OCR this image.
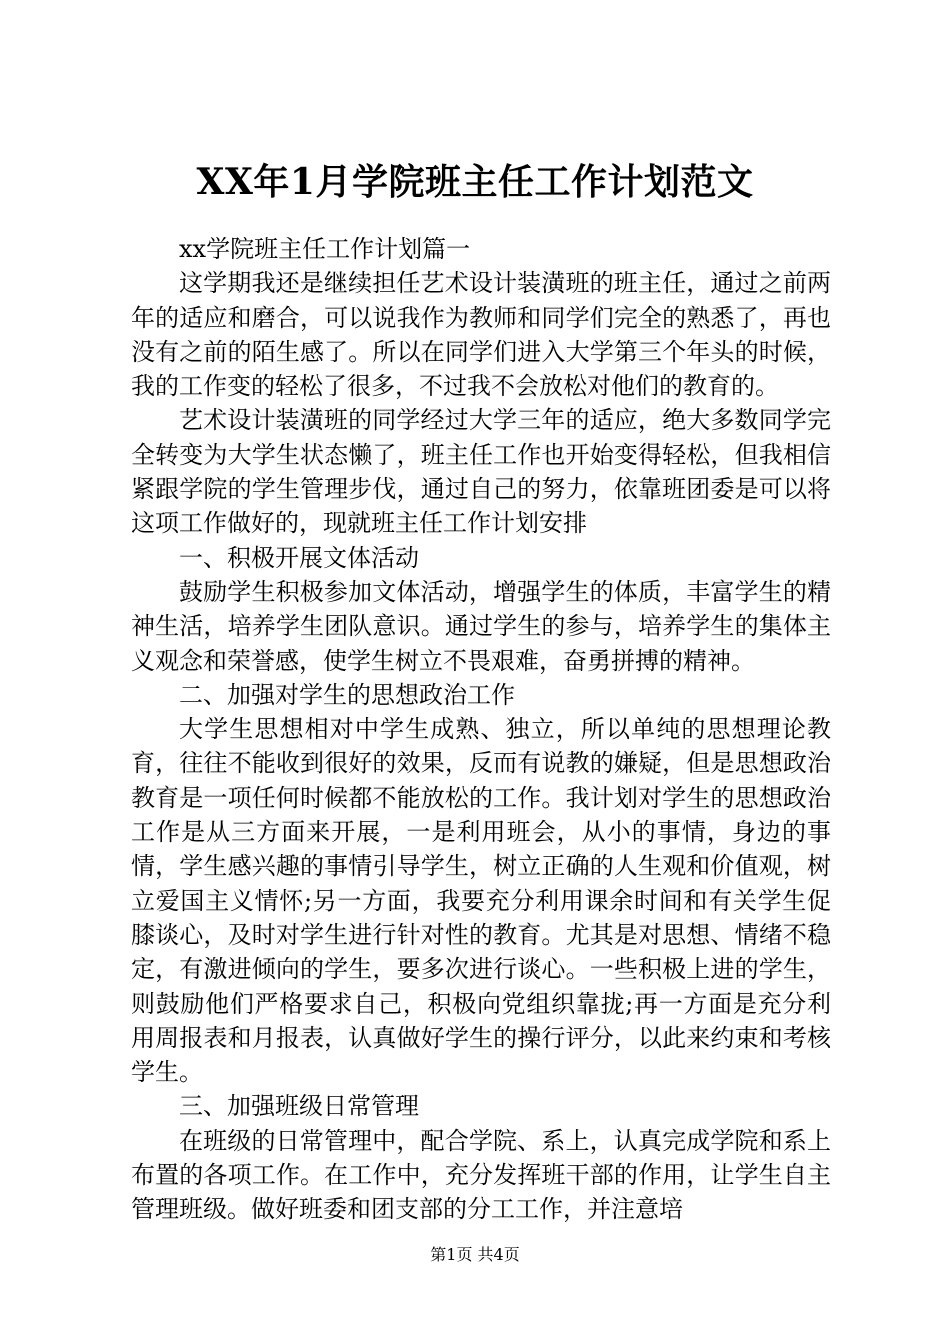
XX年1月学院班主任工作计划范文

xx学院班主任工作计划篇一

这学期我还是继续担任艺术设计装潢班的班主任，通过之前两年的适应和磨合，可以说我作为教师和同学们完全的熟悉了，再也没有之前的陌生感了。所以在同学们进入大学第三个年头的时候，我的工作变的轻松了很多，不过我不会放松对他们的教育的。

艺术设计装潢班的同学经过大学三年的适应，绝大多数同学完全转变为大学生状态懒了，班主任工作也开始变得轻松，但我相信紧跟学院的学生管理步伐，通过自己的努力，依靠班团委是可以将这项工作做好的，现就班主任工作计划安排

一、积极开展文体活动

鼓励学生积极参加文体活动，增强学生的体质，丰富学生的精神生活，培养学生团队意识。通过学生的参与，培养学生的集体主义观念和荣誉感，使学生树立不畏艰难，奋勇拼搏的精神。

二、加强对学生的思想政治工作

大学生思想相对中学生成熟、独立，所以单纯的思想理论教育，往往不能收到很好的效果，反而有说教的嫌疑，但是思想政治教育是一项任何时候都不能放松的工作。我计划对学生的思想政治工作是从三方面来开展，一是利用班会，从小的事情，身边的事情，学生感兴趣的事情引导学生，树立正确的人生观和价值观，树立爱国主义情怀;另一方面，我要充分利用课余时间和有关学生促膝谈心，及时对学生进行针对性的教育。尤其是对思想、情绪不稳定，有激进倾向的学生，要多次进行谈心。一些积极上进的学生，则鼓励他们严格要求自己，积极向党组织靠拢;再一方面是充分利用周报表和月报表，认真做好学生的操行评分，以此来约束和考核学生。

三、加强班级日常管理

在班级的日常管理中，配合学院、系上，认真完成学院和系上布置的各项工作。在工作中，充分发挥班干部的作用，让学生自主管理班级。做好班委和团支部的分工工作，并注意培

第1页 共4页
